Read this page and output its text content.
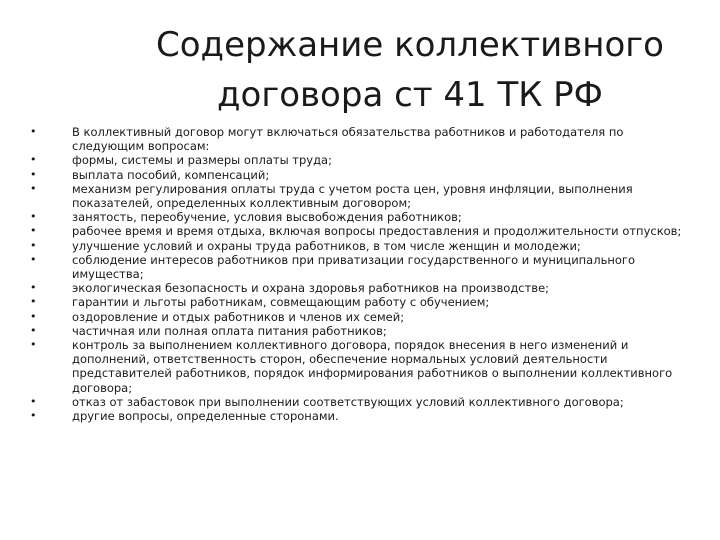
Содержание коллективного
договора ст 41 ТК РФ
•	В коллективный договор могут включаться обязательства работников и работодателя по следующим вопросам:
•	формы, системы и размеры оплаты труда;
•	выплата пособий, компенсаций;
•	механизм регулирования оплаты труда с учетом роста цен, уровня инфляции, выполнения показателей, определенных коллективным договором;
•	занятость, переобучение, условия высвобождения работников;
•	рабочее время и время отдыха, включая вопросы предоставления и продолжительности отпусков;
•	улучшение условий и охраны труда работников, в том числе женщин и молодежи;
•	соблюдение интересов работников при приватизации государственного и муниципального имущества;
•	экологическая безопасность и охрана здоровья работников на производстве;
•	гарантии и льготы работникам, совмещающим работу с обучением;
•	оздоровление и отдых работников и членов их семей;
•	частичная или полная оплата питания работников;
•	контроль за выполнением коллективного договора, порядок внесения в него изменений и дополнений, ответственность сторон, обеспечение нормальных условий деятельности представителей работников, порядок информирования работников о выполнении коллективного договора;
•	отказ от забастовок при выполнении соответствующих условий коллективного договора;
•	другие вопросы, определенные сторонами.
